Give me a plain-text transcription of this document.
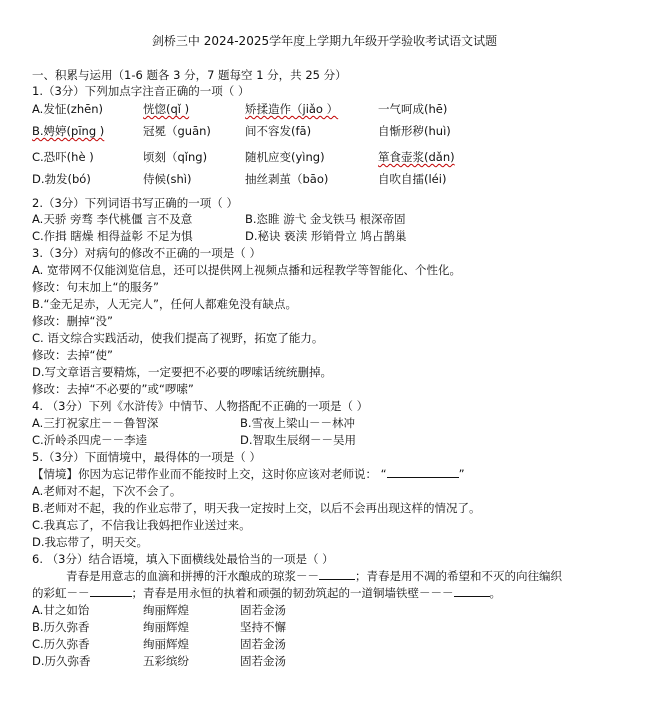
剑桥三中 2024-2025学年度上学期九年级开学验收考试语文试题
一、积累与运用（1-6 题各 3 分，7 题每空 1 分，共 25 分）
1.（3分）下列加点字注音正确的一项（ ）
A.发怔(zhēn)	恍惚(qǐ )	矫揉造作（jiǎo ）	一气呵成(hē)
B.娉婷(pīng )	冠冕（guān)	间不容发(fā)	自惭形秽(huì)
C.恐吓(hè )	顷刻（qǐng)	随机应变(yìng)	箪食壶浆(dǎn)
D.勃发(bó)	侍候(shì)	抽丝剥茧（bāo)	自吹自擂(léi)
2.（3分）下列词语书写正确的一项（ ）
A.天骄 旁骛 李代桃僵 言不及意	B.恣睢 游弋 金戈铁马 根深帝固
C.作揖 瞎燥 相得益彰 不足为惧	D.秘诀 亵渎 形销骨立 鸠占鹊巢
3.（3分）对病句的修改不正确的一项是（ ）
A. 宽带网不仅能浏览信息，还可以提供网上视频点播和远程教学等智能化、个性化。
修改：句末加上“的服务”
B.“金无足赤，人无完人”，任何人都难免没有缺点。
修改：删掉“没”
C. 语文综合实践活动，使我们提高了视野，拓宽了能力。
修改：去掉“使”
D.写文章语言要精炼，一定要把不必要的啰嗦话统统删掉。
修改：去掉“不必要的”或“啰嗦”
4. （3分）下列《水浒传》中情节、人物搭配不正确的一项是（ ）
A.三打祝家庄－－鲁智深	B.雪夜上梁山－－林冲
C.沂岭杀四虎－－李逵	D.智取生辰纲－－吴用
5.（3分）下面情境中，最得体的一项是（ ）
【情境】你因为忘记带作业而不能按时上交，这时你应该对老师说： “	”
A.老师对不起，下次不会了。
B.老师对不起，我的作业忘带了，明天我一定按时上交，以后不会再出现这样的情况了。
C.我真忘了，不信我让我妈把作业送过来。
D.我忘带了，明天交。
6. （3分）结合语境，填入下面横线处最恰当的一项是（ ）
青春是用意志的血滴和拼搏的汗水酿成的琼浆－－	；青春是用不凋的希望和不灭的向往编织
的彩虹－－	；青春是用永恒的执着和顽强的韧劲筑起的一道铜墙铁壁－－－	。
A.甘之如饴	绚丽辉煌	固若金汤
B.历久弥香	绚丽辉煌	坚持不懈
C.历久弥香	绚丽辉煌	固若金汤
D.历久弥香	五彩缤纷	固若金汤
